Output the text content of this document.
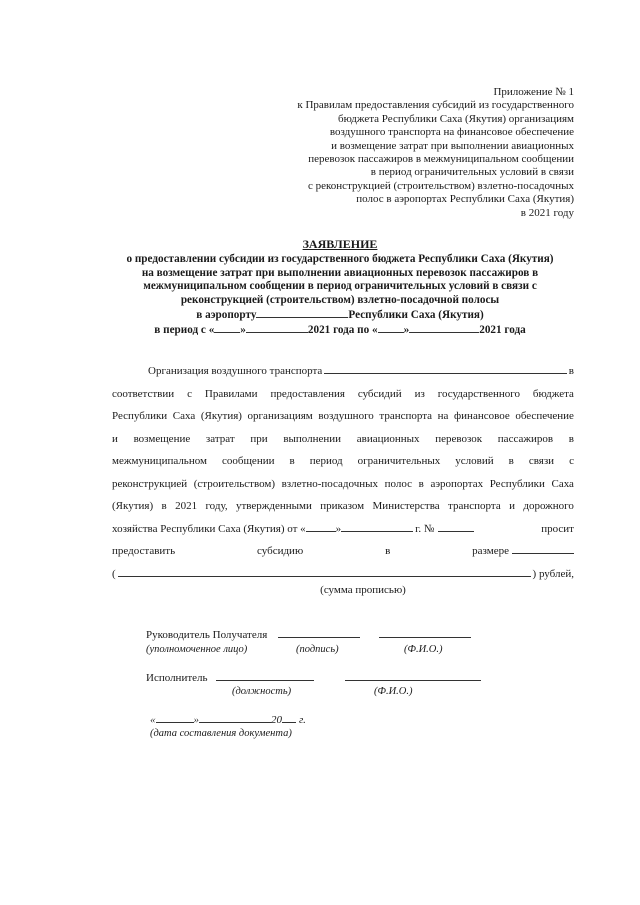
Приложение № 1
к Правилам предоставления субсидий из государственного
бюджета Республики Саха (Якутия) организациям
воздушного транспорта на финансовое обеспечение
и возмещение затрат при выполнении авиационных
перевозок пассажиров в межмуниципальном сообщении
в период ограничительных условий в связи
с реконструкцией (строительством) взлетно-посадочных
полос в аэропортах Республики Саха (Якутия)
в 2021 году
ЗАЯВЛЕНИЕ
о предоставлении субсидии из государственного бюджета Республики Саха (Якутия)
на возмещение затрат при выполнении авиационных перевозок пассажиров в
межмуниципальном сообщении в период ограничительных условий в связи с
реконструкцией (строительством) взлетно-посадочной полосы
в аэропорту	Республики Саха (Якутия)
в период с « »	2021 года по « »	2021 года
Организация воздушного транспорта	в
соответствии с Правилами предоставления субсидий из государственного бюджета
Республики Саха (Якутия) организациям воздушного транспорта на финансовое обеспечение
и возмещение затрат при выполнении авиационных перевозок пассажиров в
межмуниципальном сообщении в период ограничительных условий в связи с
реконструкцией (строительством) взлетно-посадочных полос в аэропортах Республики Саха
(Якутия) в 2021 году, утвержденными приказом Министерства транспорта и дорожного
хозяйства Республики Саха (Якутия) от «	»	г. №	просит
предоставить	субсидию	в	размере
(	) рублей,
(сумма прописью)
Руководитель Получателя
(уполномоченное лицо)	(подпись)	(Ф.И.О.)
Исполнитель
(должность)	(Ф.И.О.)
«	»	20 г.
(дата составления документа)
